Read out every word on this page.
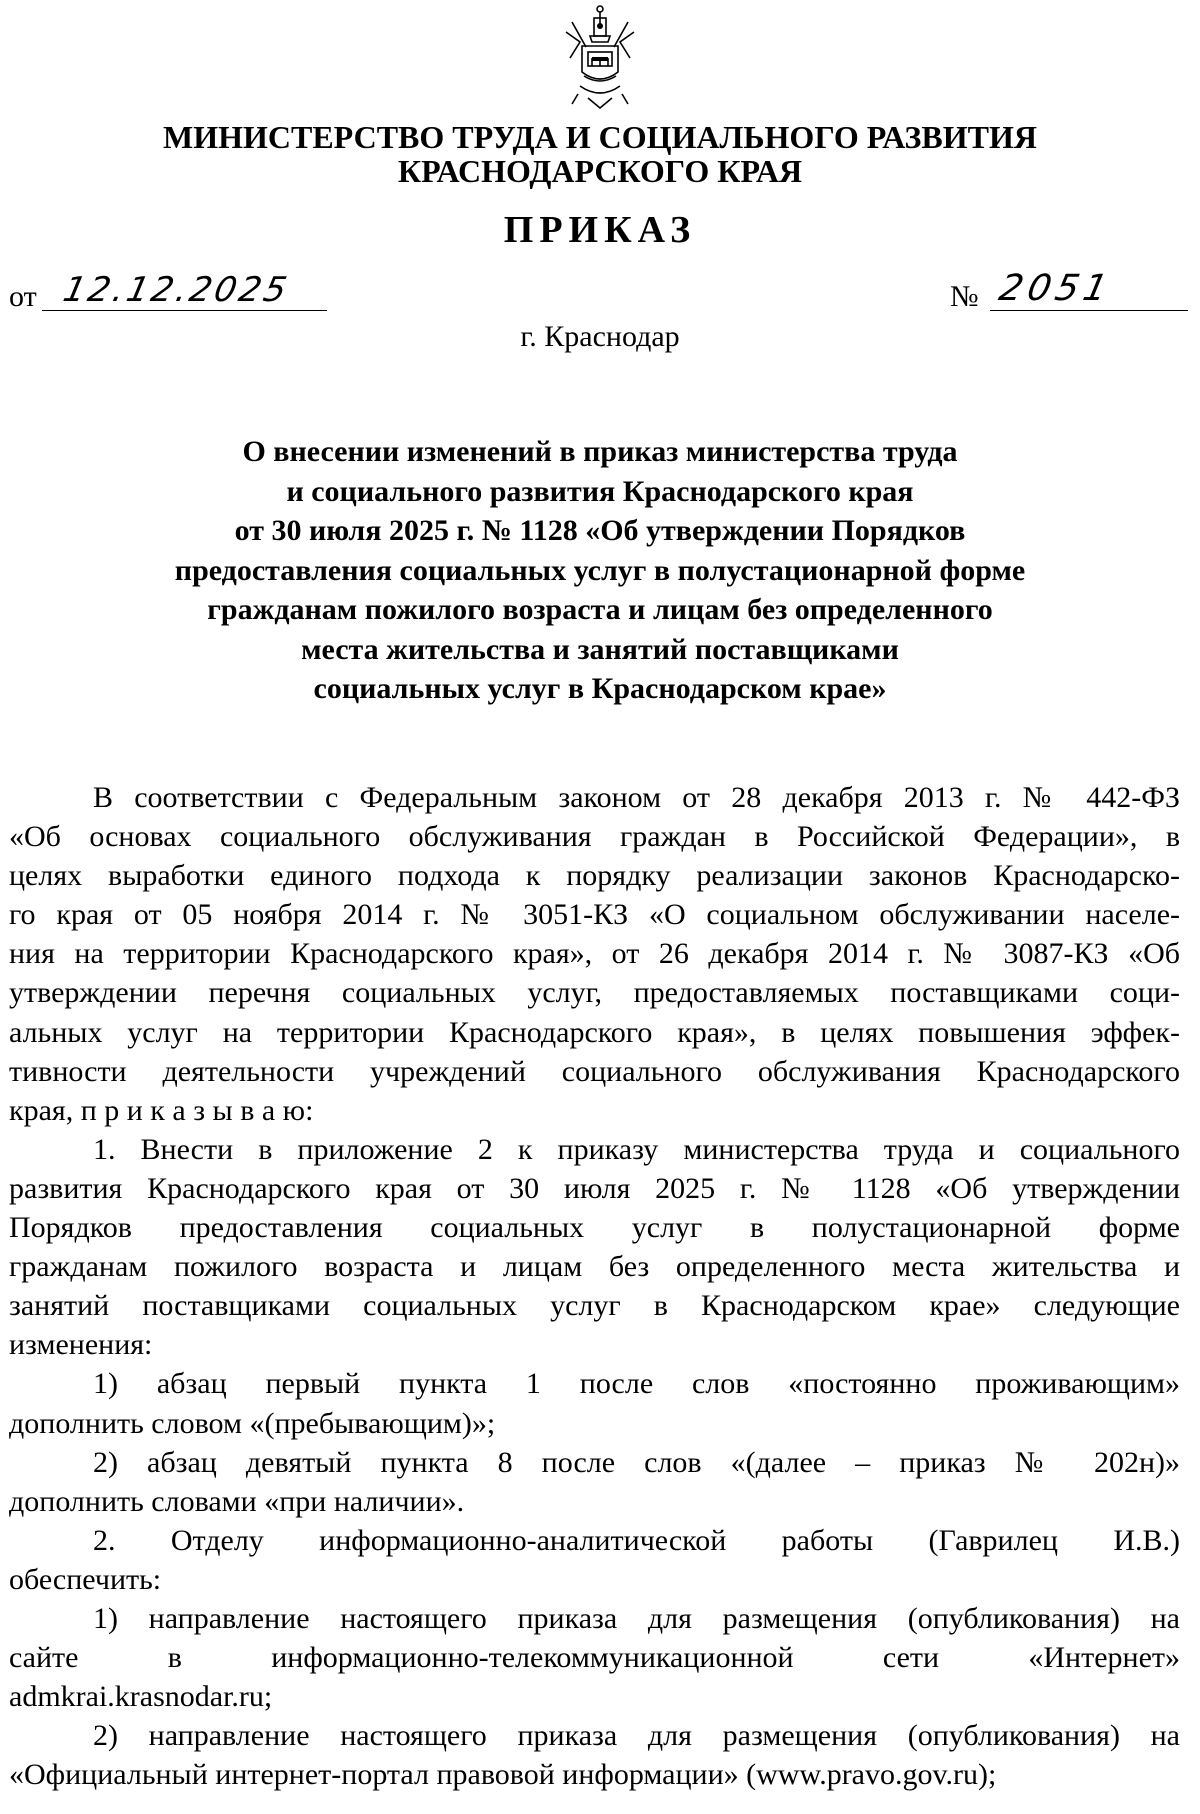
МИНИСТЕРСТВО ТРУДА И СОЦИАЛЬНОГО РАЗВИТИЯ
КРАСНОДАРСКОГО КРАЯ
ПРИКАЗ
от 12.12.2025	№ 2051
г. Краснодар
О внесении изменений в приказ министерства труда
и социального развития Краснодарского края
от 30 июля 2025 г. № 1128 «Об утверждении Порядков
предоставления социальных услуг в полустационарной форме
гражданам пожилого возраста и лицам без определенного
места жительства и занятий поставщиками
социальных услуг в Краснодарском крае»
В соответствии с Федеральным законом от 28 декабря 2013 г. № 442-ФЗ
«Об основах социального обслуживания граждан в Российской Федерации», в
целях выработки единого подхода к порядку реализации законов Краснодарско-
го края от 05 ноября 2014 г. № 3051-КЗ «О социальном обслуживании населе-
ния на территории Краснодарского края», от 26 декабря 2014 г. № 3087-КЗ «Об
утверждении перечня социальных услуг, предоставляемых поставщиками соци-
альных услуг на территории Краснодарского края», в целях повышения эффек-
тивности деятельности учреждений социального обслуживания Краснодарского
края, п р и к а з ы в а ю:
1. Внести в приложение 2 к приказу министерства труда и социального
развития Краснодарского края от 30 июля 2025 г. № 1128 «Об утверждении
Порядков предоставления социальных услуг в полустационарной форме
гражданам пожилого возраста и лицам без определенного места жительства и
занятий поставщиками социальных услуг в Краснодарском крае» следующие
изменения:
1) абзац первый пункта 1 после слов «постоянно проживающим»
дополнить словом «(пребывающим)»;
2) абзац девятый пункта 8 после слов «(далее – приказ № 202н)»
дополнить словами «при наличии».
2. Отделу информационно-аналитической работы (Гаврилец И.В.)
обеспечить:
1) направление настоящего приказа для размещения (опубликования) на
сайте в информационно-телекоммуникационной сети «Интернет»
admkrai.krasnodar.ru;
2) направление настоящего приказа для размещения (опубликования) на
«Официальный интернет-портал правовой информации» (www.pravo.gov.ru);
